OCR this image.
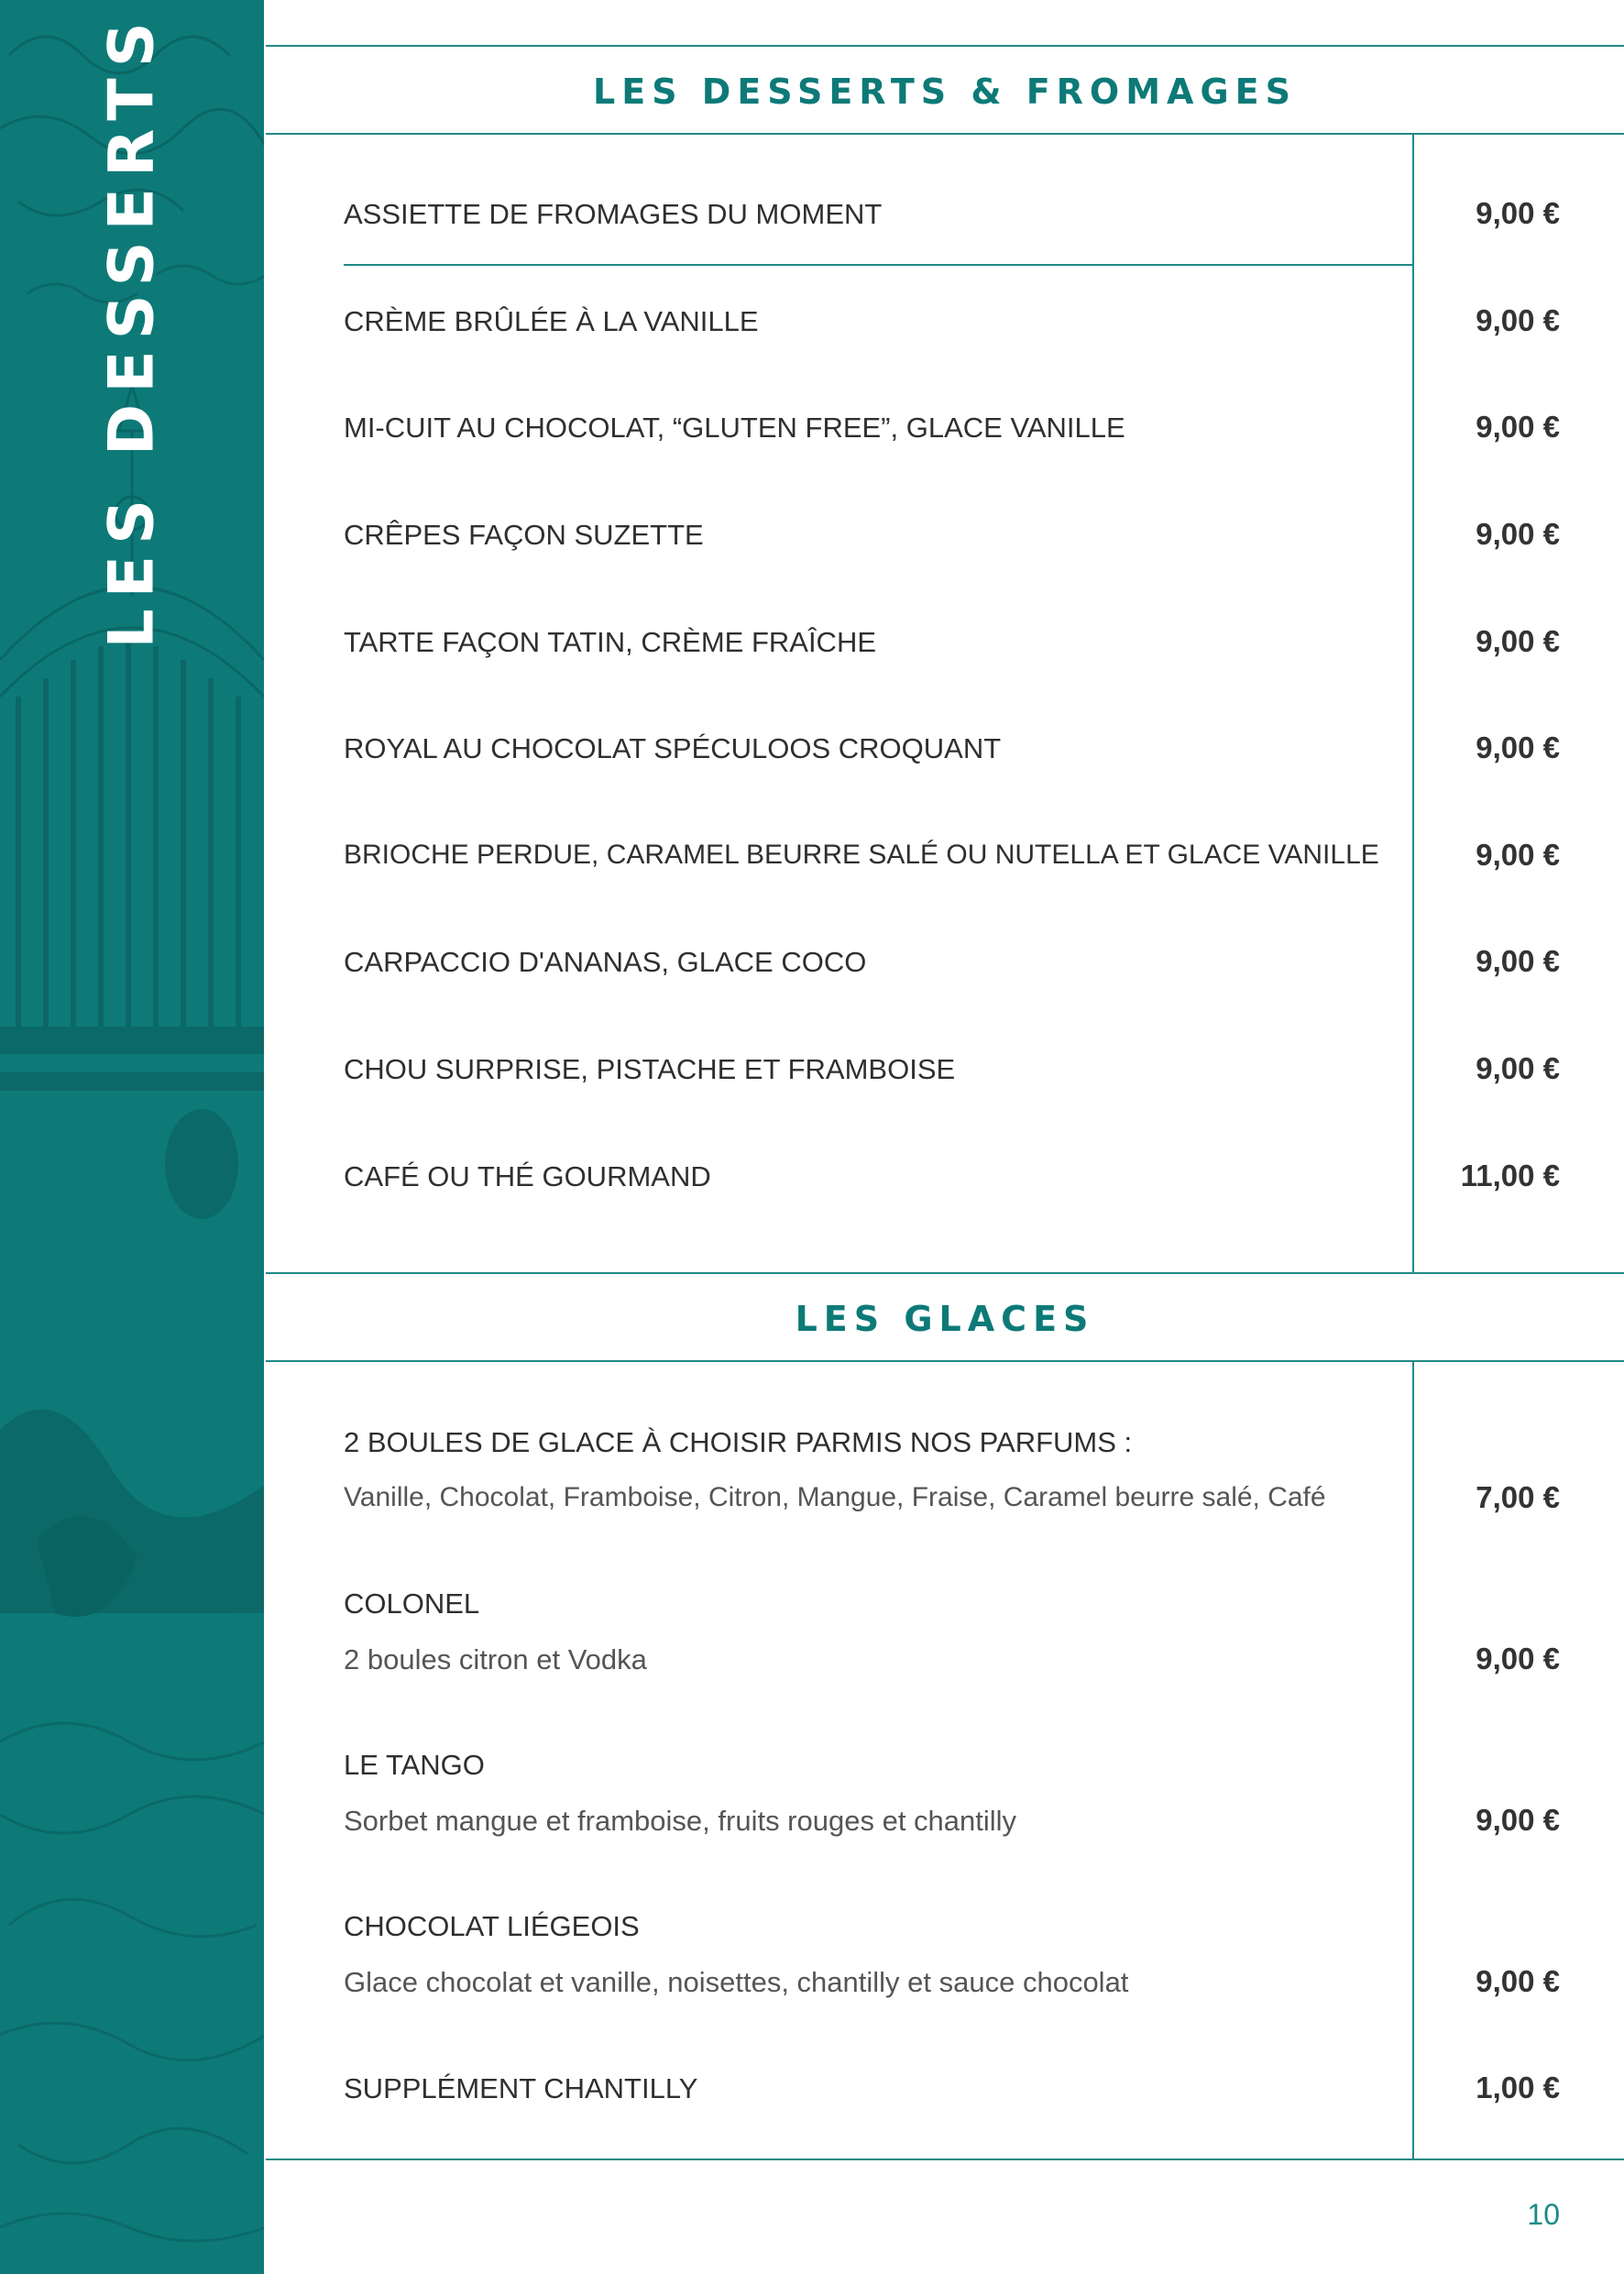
LES DESSERTS	LES DESSERTS & FROMAGES
ASSIETTE DE FROMAGES DU MOMENT	9,00 €
CRÈME BRÛLÉE À LA VANILLE	9,00 €
MI-CUIT AU CHOCOLAT, “GLUTEN FREE”, GLACE VANILLE	9,00 €
CRÊPES FAÇON SUZETTE	9,00 €
TARTE FAÇON TATIN, CRÈME FRAÎCHE	9,00 €
ROYAL AU CHOCOLAT SPÉCULOOS CROQUANT	9,00 €
BRIOCHE PERDUE, CARAMEL BEURRE SALÉ OU NUTELLA ET GLACE VANILLE	9,00 €
CARPACCIO D'ANANAS, GLACE COCO	9,00 €
CHOU SURPRISE, PISTACHE ET FRAMBOISE	9,00 €
CAFÉ OU THÉ GOURMAND	11,00 €
LES GLACES
2 BOULES DE GLACE À CHOISIR PARMIS NOS PARFUMS :
Vanille, Chocolat, Framboise, Citron, Mangue, Fraise, Caramel beurre salé, Café	7,00 €
COLONEL
2 boules citron et Vodka	9,00 €
LE TANGO
Sorbet mangue et framboise, fruits rouges et chantilly	9,00 €
CHOCOLAT LIÉGEOIS
Glace chocolat et vanille, noisettes, chantilly et sauce chocolat	9,00 €
SUPPLÉMENT CHANTILLY	1,00 €
10
